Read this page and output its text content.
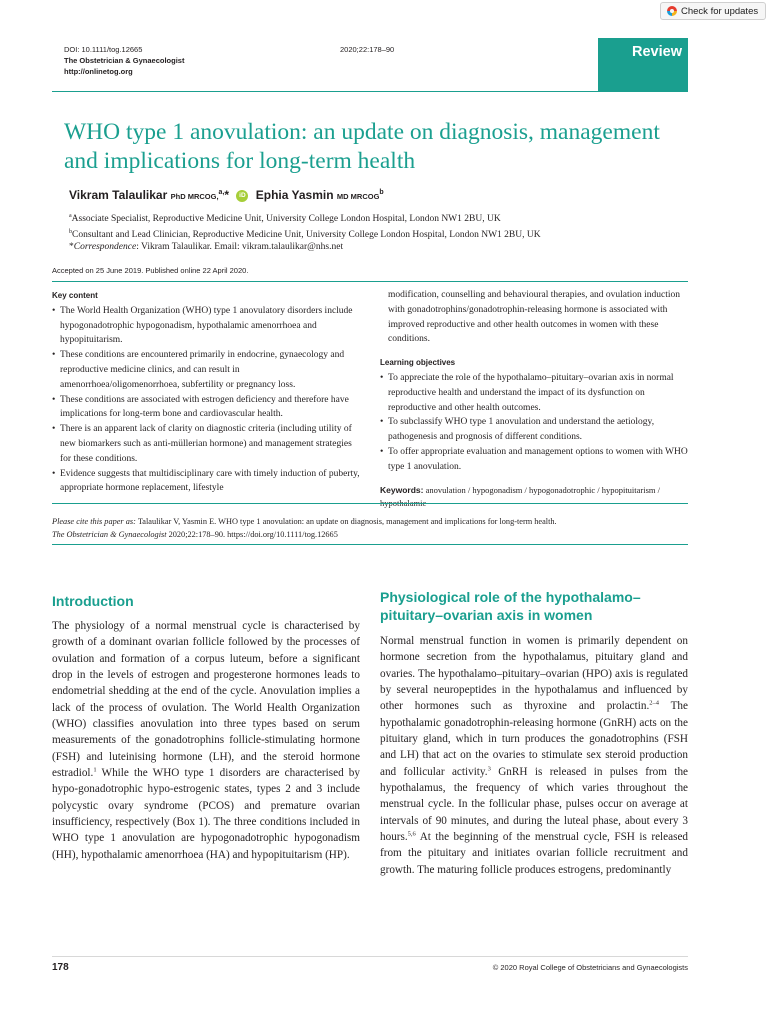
Check for updates
DOI: 10.1111/tog.12665
The Obstetrician & Gynaecologist
http://onlinetog.org
2020;22:178–90	Review
WHO type 1 anovulation: an update on diagnosis, management and implications for long-term health
Vikram Talaulikar PhD MRCOG,$^{a,}$* iD Ephia Yasmin MD MRCOG$^b$
$^a$Associate Specialist, Reproductive Medicine Unit, University College London Hospital, London NW1 2BU, UK
$^b$Consultant and Lead Clinician, Reproductive Medicine Unit, University College London Hospital, London NW1 2BU, UK
*Correspondence: Vikram Talaulikar. Email: vikram.talaulikar@nhs.net
Accepted on 25 June 2019. Published online 22 April 2020.
Key content
• The World Health Organization (WHO) type 1 anovulatory disorders include hypogonadotrophic hypogonadism, hypothalamic amenorrhoea and hypopituitarism.
• These conditions are encountered primarily in endocrine, gynaecology and reproductive medicine clinics, and can result in amenorrhoea/oligomenorrhoea, subfertility or pregnancy loss.
• These conditions are associated with estrogen deficiency and therefore have implications for long-term bone and cardiovascular health.
• There is an apparent lack of clarity on diagnostic criteria (including utility of new biomarkers such as anti-müllerian hormone) and management strategies for these conditions.
• Evidence suggests that multidisciplinary care with timely induction of puberty, appropriate hormone replacement, lifestyle
modification, counselling and behavioural therapies, and ovulation induction with gonadotrophins/gonadotrophin-releasing hormone is associated with improved reproductive and other health outcomes in women with these conditions.
Learning objectives
• To appreciate the role of the hypothalamo–pituitary–ovarian axis in normal reproductive health and understand the impact of its dysfunction on reproductive and other health outcomes.
• To subclassify WHO type 1 anovulation and understand the aetiology, pathogenesis and prognosis of different conditions.
• To offer appropriate evaluation and management options to women with WHO type 1 anovulation.
Keywords: anovulation / hypogonadism / hypogonadotrophic / hypopituitarism /
Please cite this paper as: Talaulikar V, Yasmin E. WHO type 1 anovulation: an update on diagnosis, management and implications for long-term health.
The Obstetrician & Gynaecologist 2020;22:178–90. https://doi.org/10.1111/tog.12665
Introduction
The physiology of a normal menstrual cycle is characterised by growth of a dominant ovarian follicle followed by the processes of ovulation and formation of a corpus luteum, before a significant drop in the levels of estrogen and progesterone hormones leads to endometrial shedding at the end of the cycle. Anovulation implies a lack of the process of ovulation. The World Health Organization (WHO) classifies anovulation into three types based on serum measurements of the gonadotrophins follicle-stimulating hormone (FSH) and luteinising hormone (LH), and the steroid hormone estradiol.$^1$ While the WHO type 1 disorders are characterised by hypo-gonadotrophic hypo-estrogenic states, types 2 and 3 include polycystic ovary syndrome (PCOS) and premature ovarian insufficiency, respectively (Box 1). The three conditions included in WHO type 1 anovulation are hypogonadotrophic hypogonadism (HH), hypothalamic amenorrhoea (HA) and hypopituitarism (HP).
Physiological role of the hypothalamo–pituitary–ovarian axis in women
Normal menstrual function in women is primarily dependent on hormone secretion from the hypothalamus, pituitary gland and ovaries. The hypothalamo–pituitary–ovarian (HPO) axis is regulated by several neuropeptides in the hypothalamus and influenced by other hormones such as thyroxine and prolactin.$^{2-4}$ The hypothalamic gonadotrophin-releasing hormone (GnRH) acts on the pituitary gland, which in turn produces the gonadotrophins (FSH and LH) that act on the ovaries to stimulate sex steroid production and follicular activity.$^3$ GnRH is released in pulses from the hypothalamus, the frequency of which varies throughout the menstrual cycle. In the follicular phase, pulses occur on average at intervals of 90 minutes, and during the luteal phase, about every 3 hours.$^{5,6}$ At the beginning of the menstrual cycle, FSH is released from the pituitary and initiates ovarian follicle recruitment and growth. The maturing follicle produces estrogens, predominantly
178	© 2020 Royal College of Obstetricians and Gynaecologists
